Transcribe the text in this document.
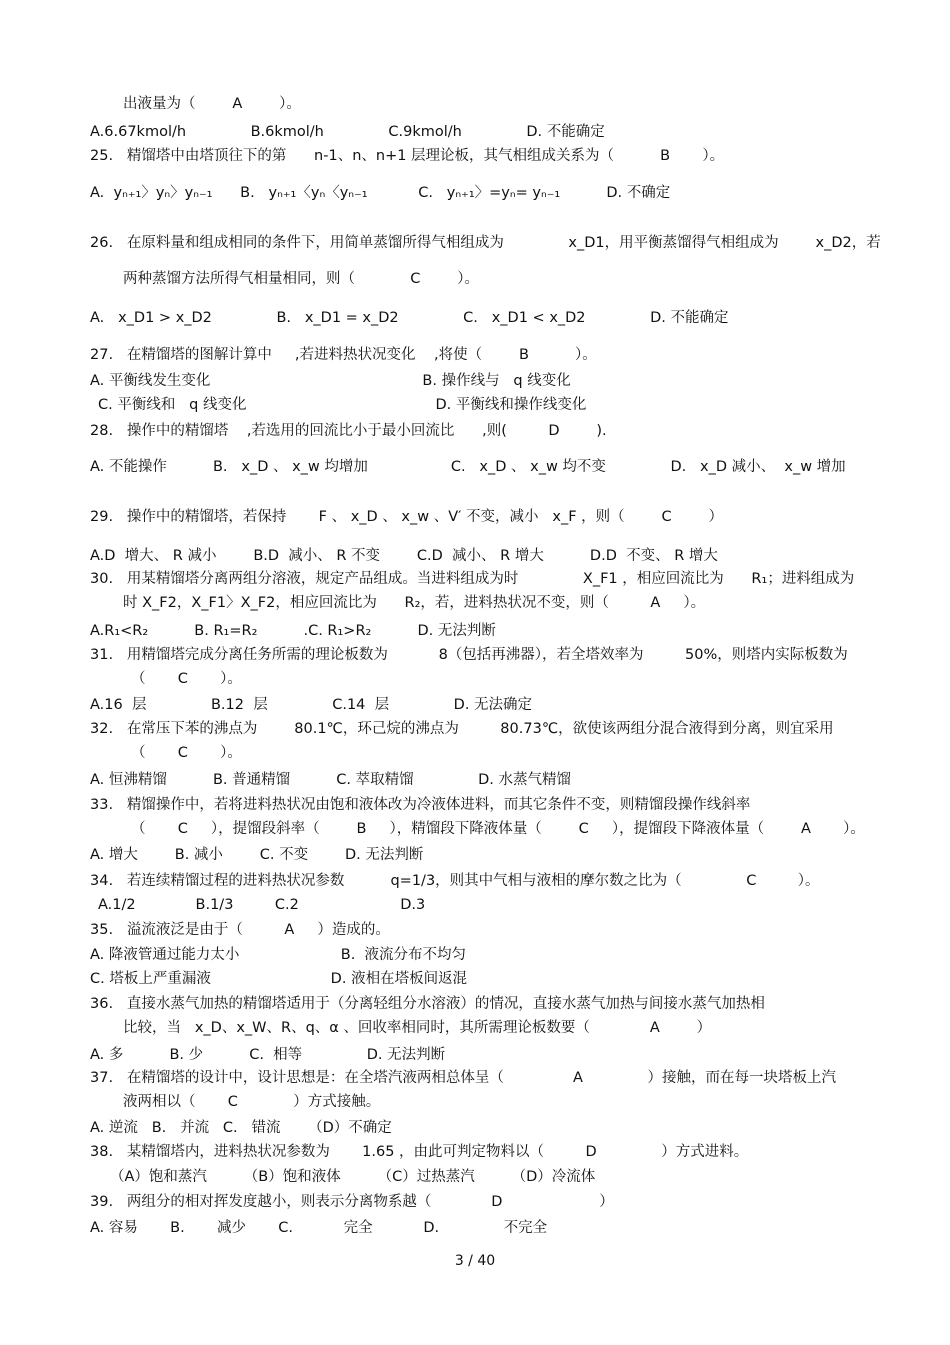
出液量为（        A        ）。
A.6.67kmol/h              B.6kmol/h              C.9kmol/h              D. 不能确定
25.   精馏塔中由塔顶往下的第      n-1、n、n+1 层理论板，其气相组成关系为（          B       ）。
A.  yₙ₊₁〉yₙ〉yₙ₋₁      B.   yₙ₊₁〈yₙ〈yₙ₋₁           C.   yₙ₊₁〉=yₙ= yₙ₋₁          D. 不确定
26.   在原料量和组成相同的条件下，用简单蒸馏所得气相组成为              x_D1，用平衡蒸馏得气相组成为        x_D2，若
两种蒸馏方法所得气相量相同，则（            C        ）。
A.   x_D1 > x_D2              B.   x_D1 = x_D2              C.   x_D1 < x_D2              D. 不能确定
27.   在精馏塔的图解计算中     ,若进料热状况变化    ,将使（        B          ）。
A. 平衡线发生变化                                              B. 操作线与   q 线变化
C. 平衡线和   q 线变化                                         D. 平衡线和操作线变化
28.   操作中的精馏塔    ,若选用的回流比小于最小回流比      ,则(         D        ).
A. 不能操作          B.   x_D 、 x_w 均增加                  C.   x_D 、 x_w 均不变              D.   x_D 减小、  x_w 增加
29.   操作中的精馏塔，若保持       F 、 x_D 、 x_w 、V′ 不变，减小   x_F ，则（        C        ）
A.D  增大、 R 减小        B.D  减小、 R 不变        C.D  减小、 R 增大          D.D  不变、 R 增大
30.   用某精馏塔分离两组分溶液，规定产品组成。当进料组成为时              X_F1 ，相应回流比为      R₁；进料组成为
时 X_F2，X_F1〉X_F2，相应回流比为      R₂，若，进料热状况不变，则（         A     ）。
A.R₁<R₂          B. R₁=R₂          .C. R₁>R₂          D. 无法判断
31.   用精馏塔完成分离任务所需的理论板数为           8（包括再沸器），若全塔效率为         50%，则塔内实际板数为
（       C       ）。
A.16  层              B.12  层              C.14  层              D. 无法确定
32.   在常压下苯的沸点为        80.1℃，环己烷的沸点为         80.73℃，欲使该两组分混合液得到分离，则宜采用
（       C       ）。
A. 恒沸精馏          B. 普通精馏          C. 萃取精馏              D. 水蒸气精馏
33.   精馏操作中，若将进料热状况由饱和液体改为冷液体进料，而其它条件不变，则精馏段操作线斜率
（       C     ），提馏段斜率（        B     ），精馏段下降液体量（        C     ），提馏段下降液体量（        A       ）。
A. 增大        B. 减小        C. 不变        D. 无法判断
34.   若连续精馏过程的进料热状况参数          q=1/3，则其中气相与液相的摩尔数之比为（              C         ）。
A.1/2             B.1/3         C.2                      D.3
35.   溢流液泛是由于（         A     ）造成的。
A. 降液管通过能力太小                      B.  液流分布不均匀
C. 塔板上严重漏液                          D. 液相在塔板间返混
36.   直接水蒸气加热的精馏塔适用于（分离轻组分水溶液）的情况，直接水蒸气加热与间接水蒸气加热相
比较，当   x_D、x_W、R、q、α 、回收率相同时，其所需理论板数要（             A        ）
A. 多          B. 少          C.  相等              D. 无法判断
37.   在精馏塔的设计中，设计思想是：在全塔汽液两相总体呈（               A              ）接触，而在每一块塔板上汽
液两相以（       C            ）方式接触。
A. 逆流   B.   并流   C.   错流      （D）不确定
38.   某精馏塔内，进料热状况参数为       1.65 ，由此可判定物料以（         D              ）方式进料。
（A）饱和蒸汽        （B）饱和液体        （C）过热蒸汽        （D）冷流体
39.   两组分的相对挥发度越小，则表示分离物系越（             D                     ）
A. 容易       B.       减少       C.           完全           D.              不完全
3 / 40
